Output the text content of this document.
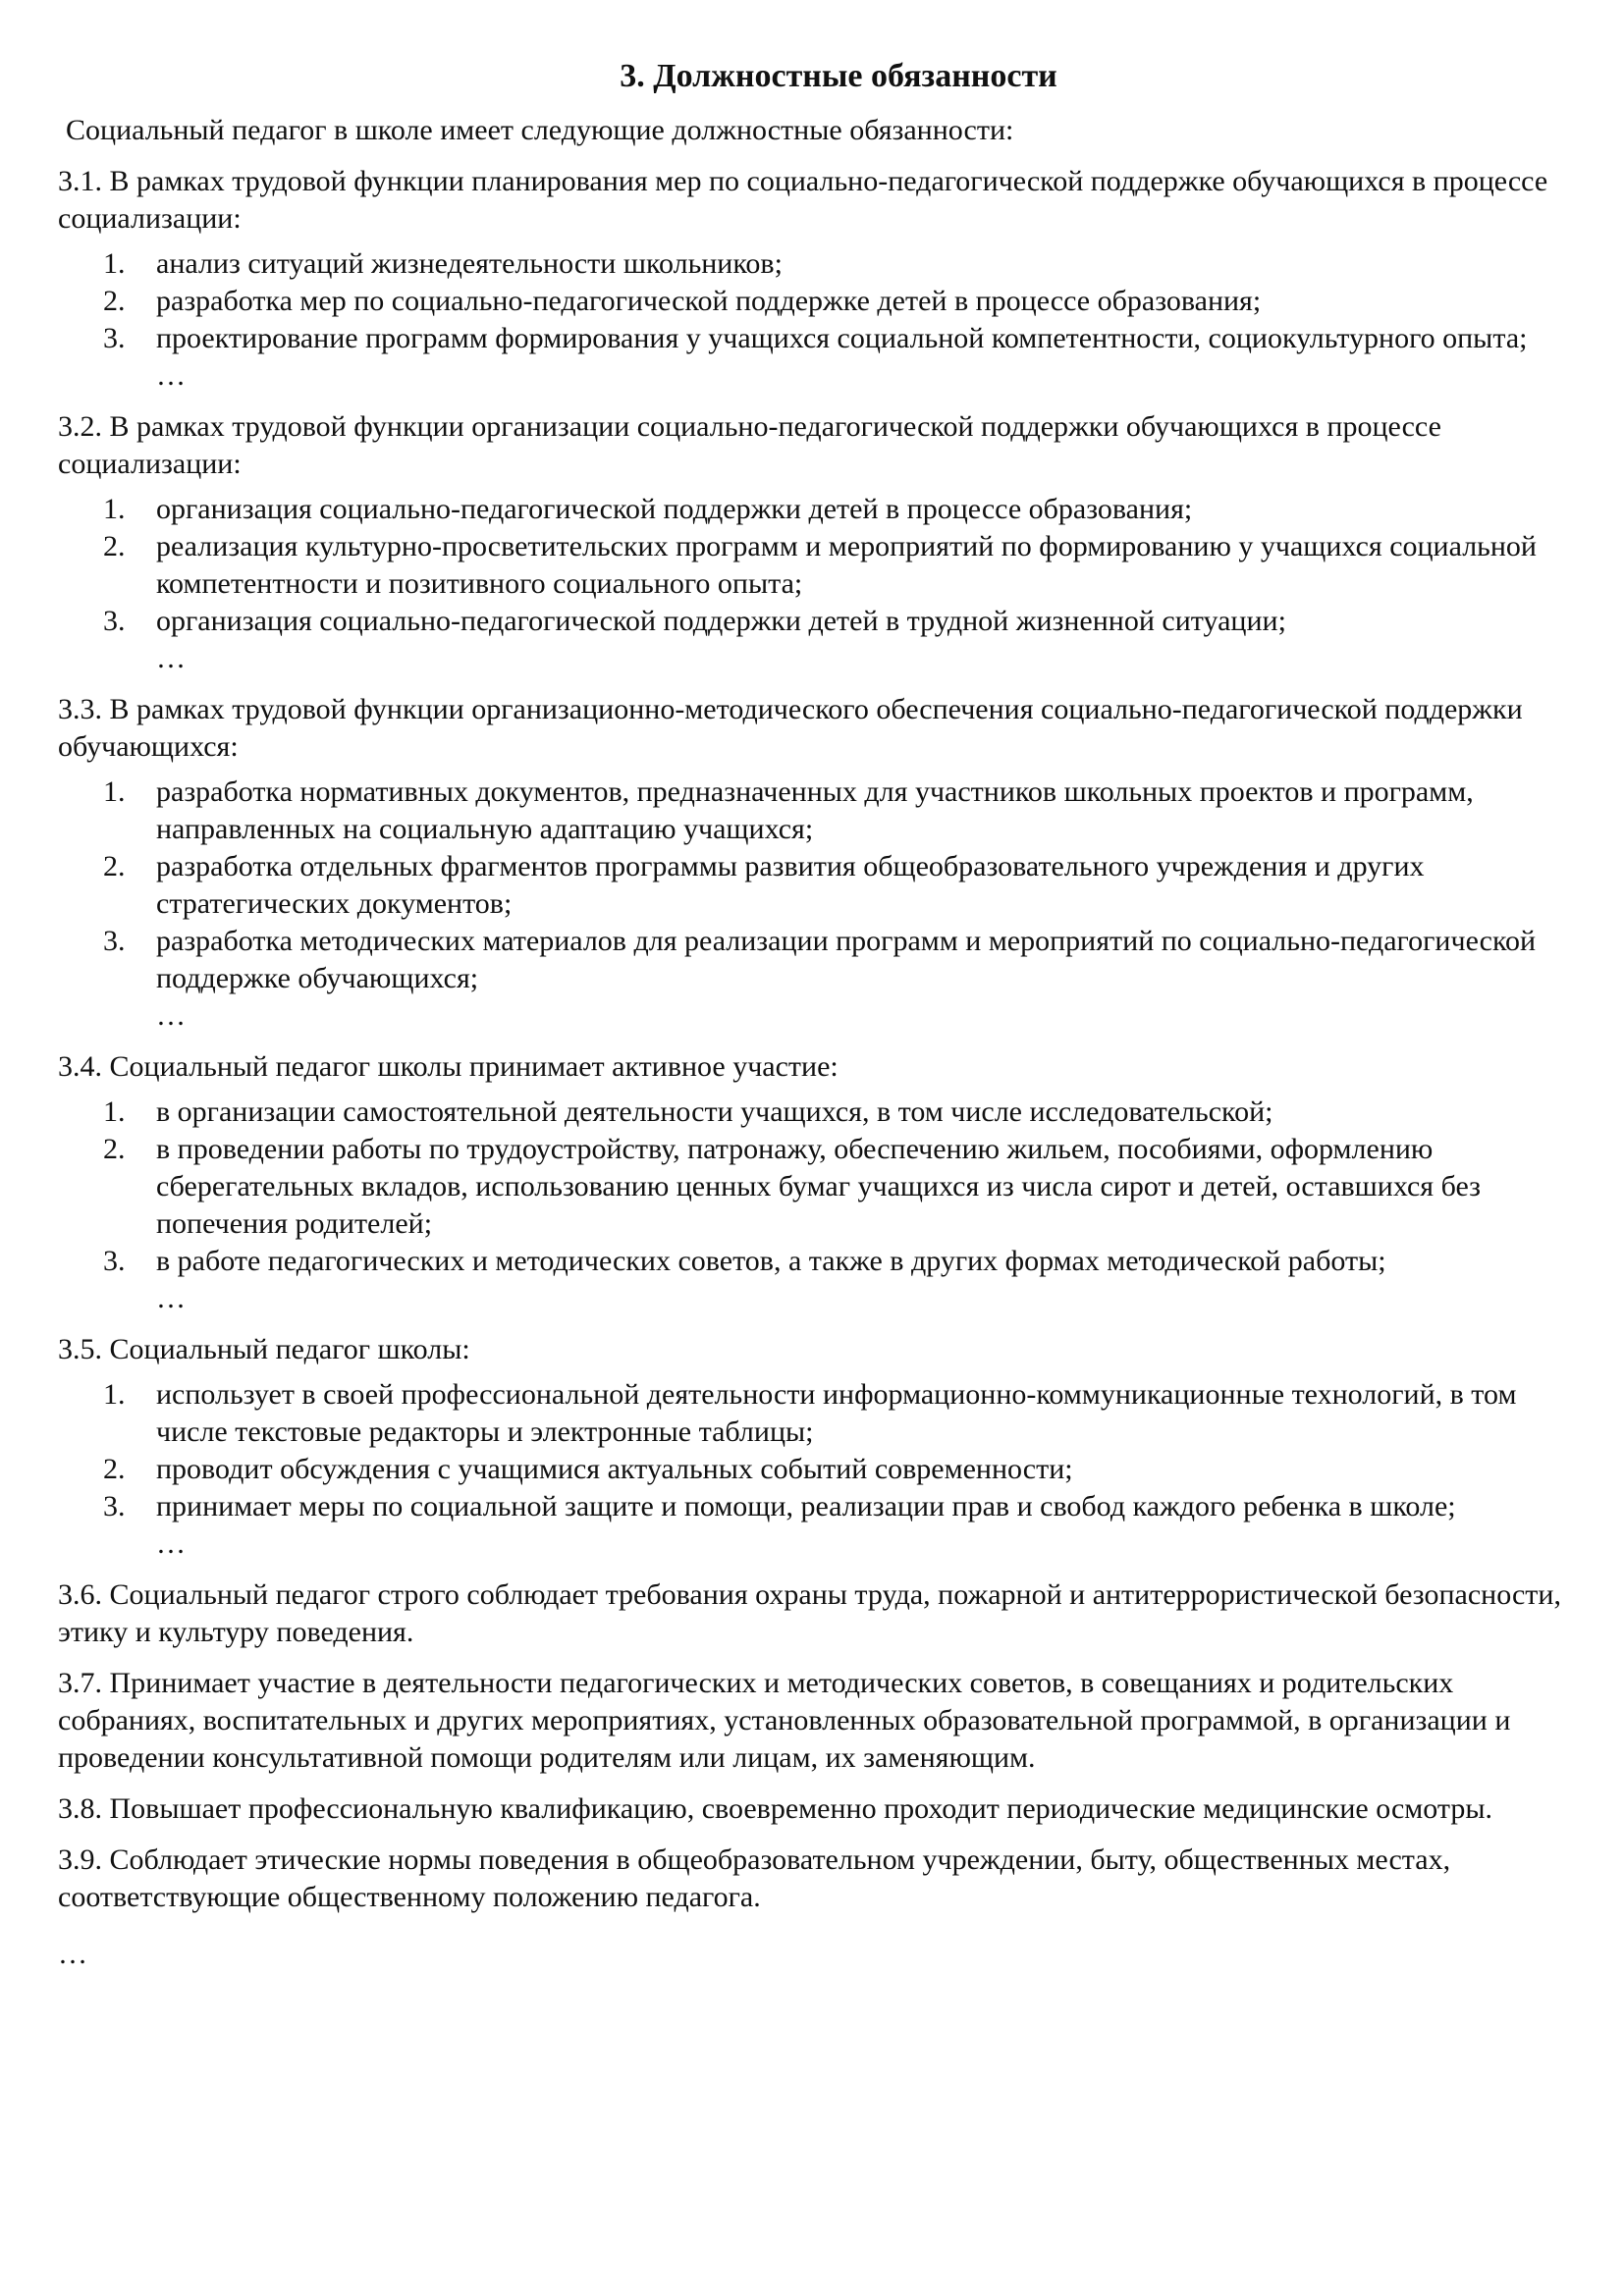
3. Должностные обязанности
Социальный педагог в школе имеет следующие должностные обязанности:

3.1. В рамках трудовой функции планирования мер по социально-педагогической поддержке обучающихся в процессе социализации:

1. анализ ситуаций жизнедеятельности школьников;
2. разработка мер по социально-педагогической поддержке детей в процессе образования;
3. проектирование программ формирования у учащихся социальной компетентности, социокультурного опыта;

…

3.2. В рамках трудовой функции организации социально-педагогической поддержки обучающихся в процессе социализации:

1. организация социально-педагогической поддержки детей в процессе образования;
2. реализация культурно-просветительских программ и мероприятий по формированию у учащихся социальной компетентности и позитивного социального опыта;
3. организация социально-педагогической поддержки детей в трудной жизненной ситуации;

…

3.3. В рамках трудовой функции организационно-методического обеспечения социально-педагогической поддержки обучающихся:

1. разработка нормативных документов, предназначенных для участников школьных проектов и программ, направленных на социальную адаптацию учащихся;
2. разработка отдельных фрагментов программы развития общеобразовательного учреждения и других стратегических документов;
3. разработка методических материалов для реализации программ и мероприятий по социально-педагогической поддержке обучающихся;

…

3.4. Социальный педагог школы принимает активное участие:

1. в организации самостоятельной деятельности учащихся, в том числе исследовательской;
2. в проведении работы по трудоустройству, патронажу, обеспечению жильем, пособиями, оформлению сберегательных вкладов, использованию ценных бумаг учащихся из числа сирот и детей, оставшихся без попечения родителей;
3. в работе педагогических и методических советов, а также в других формах методической работы;

…

3.5. Социальный педагог школы:

1. использует в своей профессиональной деятельности информационно-коммуникационные технологий, в том числе текстовые редакторы и электронные таблицы;
2. проводит обсуждения с учащимися актуальных событий современности;
3. принимает меры по социальной защите и помощи, реализации прав и свобод каждого ребенка в школе;

…

3.6. Социальный педагог строго соблюдает требования охраны труда, пожарной и антитеррористической безопасности, этику и культуру поведения.

3.7. Принимает участие в деятельности педагогических и методических советов, в совещаниях и родительских собраниях, воспитательных и других мероприятиях, установленных образовательной программой, в организации и проведении консультативной помощи родителям или лицам, их заменяющим.

3.8. Повышает профессиональную квалификацию, своевременно проходит периодические медицинские осмотры.

3.9. Соблюдает этические нормы поведения в общеобразовательном учреждении, быту, общественных местах, соответствующие общественному положению педагога.

…
